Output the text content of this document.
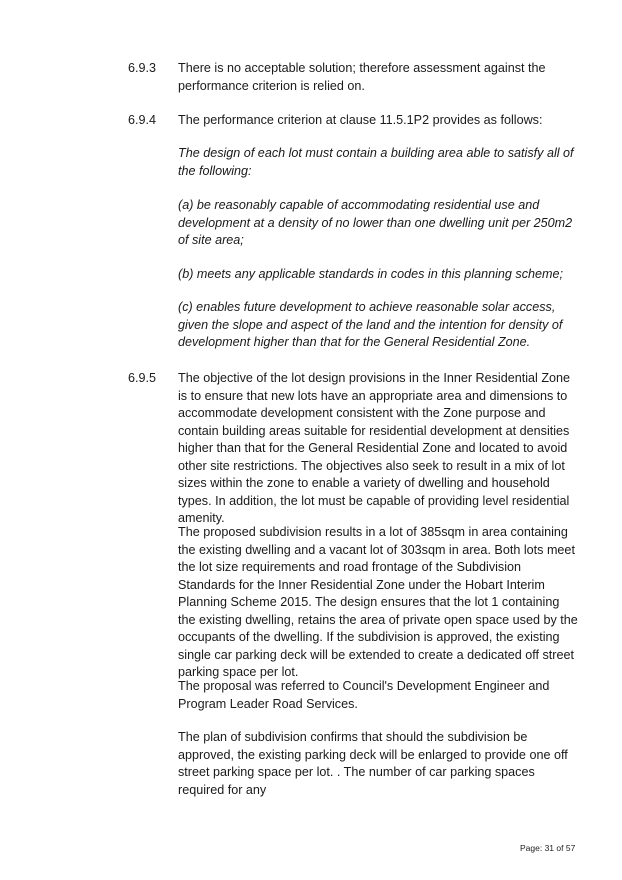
6.9.3 There is no acceptable solution; therefore assessment against the performance criterion is relied on.

6.9.4 The performance criterion at clause 11.5.1P2 provides as follows:

The design of each lot must contain a building area able to satisfy all of the following:

(a) be reasonably capable of accommodating residential use and development at a density of no lower than one dwelling unit per 250m2 of site area;

(b) meets any applicable standards in codes in this planning scheme;

(c) enables future development to achieve reasonable solar access, given the slope and aspect of the land and the intention for density of development higher than that for the General Residential Zone.

6.9.5 The objective of the lot design provisions in the Inner Residential Zone is to ensure that new lots have an appropriate area and dimensions to accommodate development consistent with the Zone purpose and contain building areas suitable for residential development at densities higher than that for the General Residential Zone and located to avoid other site restrictions. The objectives also seek to result in a mix of lot sizes within the zone to enable a variety of dwelling and household types. In addition, the lot must be capable of providing level residential amenity.

The proposed subdivision results in a lot of 385sqm in area containing the existing dwelling and a vacant lot of 303sqm in area. Both lots meet the lot size requirements and road frontage of the Subdivision Standards for the Inner Residential Zone under the Hobart Interim Planning Scheme 2015. The design ensures that the lot 1 containing the existing dwelling, retains the area of private open space used by the occupants of the dwelling. If the subdivision is approved, the existing single car parking deck will be extended to create a dedicated off street parking space per lot.

The proposal was referred to Council's Development Engineer and Program Leader Road Services.

The plan of subdivision confirms that should the subdivision be approved, the existing parking deck will be enlarged to provide one off street parking space per lot. . The number of car parking spaces required for any

Page: 31 of 57
